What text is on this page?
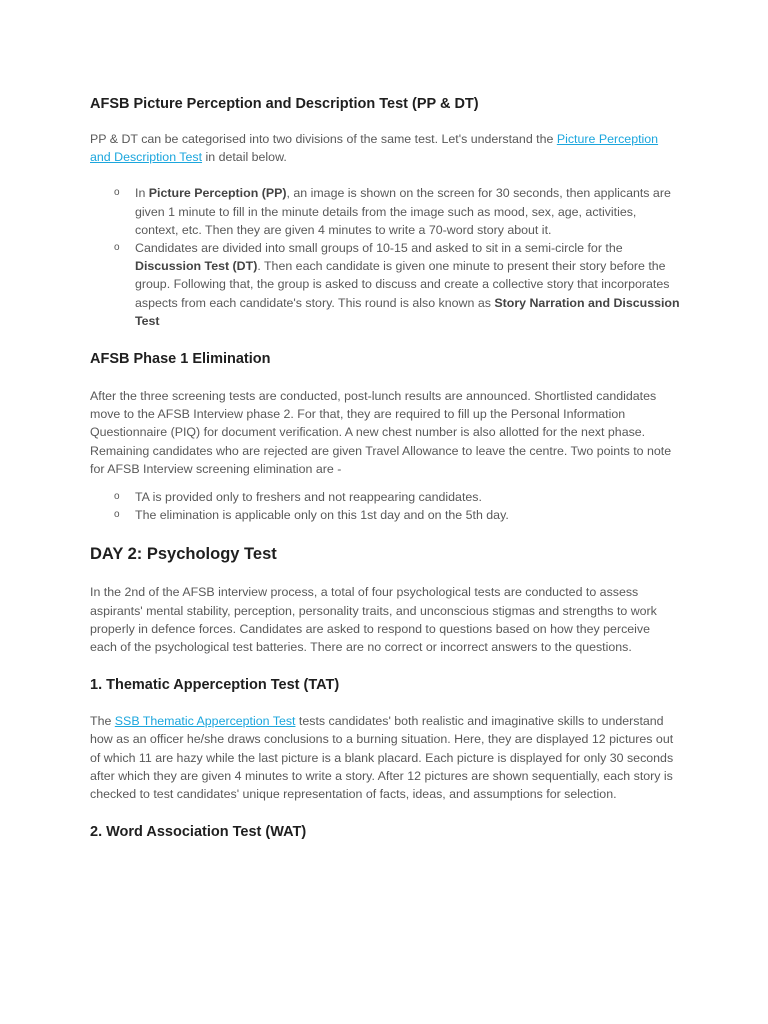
AFSB Picture Perception and Description Test (PP & DT)

PP & DT can be categorised into two divisions of the same test. Let's understand the Picture Perception and Description Test in detail below.

o In Picture Perception (PP), an image is shown on the screen for 30 seconds, then applicants are given 1 minute to fill in the minute details from the image such as mood, sex, age, activities, context, etc. Then they are given 4 minutes to write a 70-word story about it.
o Candidates are divided into small groups of 10-15 and asked to sit in a semi-circle for the Discussion Test (DT). Then each candidate is given one minute to present their story before the group. Following that, the group is asked to discuss and create a collective story that incorporates aspects from each candidate's story. This round is also known as Story Narration and Discussion Test
AFSB Phase 1 Elimination

After the three screening tests are conducted, post-lunch results are announced. Shortlisted candidates move to the AFSB Interview phase 2. For that, they are required to fill up the Personal Information Questionnaire (PIQ) for document verification. A new chest number is also allotted for the next phase. Remaining candidates who are rejected are given Travel Allowance to leave the centre. Two points to note for AFSB Interview screening elimination are -

o TA is provided only to freshers and not reappearing candidates.
o The elimination is applicable only on this 1st day and on the 5th day.
DAY 2: Psychology Test

In the 2nd of the AFSB interview process, a total of four psychological tests are conducted to assess aspirants' mental stability, perception, personality traits, and unconscious stigmas and strengths to work properly in defence forces. Candidates are asked to respond to questions based on how they perceive each of the psychological test batteries. There are no correct or incorrect answers to the questions.

1. Thematic Apperception Test (TAT)

The SSB Thematic Apperception Test tests candidates' both realistic and imaginative skills to understand how as an officer he/she draws conclusions to a burning situation. Here, they are displayed 12 pictures out of which 11 are hazy while the last picture is a blank placard. Each picture is displayed for only 30 seconds after which they are given 4 minutes to write a story. After 12 pictures are shown sequentially, each story is checked to test candidates' unique representation of facts, ideas, and assumptions for selection.

2. Word Association Test (WAT)
